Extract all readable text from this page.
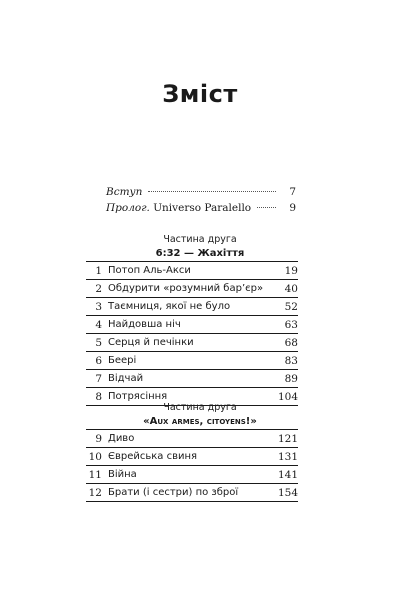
Зміст
Вступ	7
Пролог. Universo Paralello	9
Частина друга
6:32 — Жахіття
1 Потоп Аль-Акси	19
2 Обдурити «розумний бар’єр»	40
3 Таємниця, якої не було	52
4 Найдовша ніч	63
5 Серця й печінки	68
6 Беері	83
7 Відчай	89
8 Потрясіння	104
Частина друга
«Aux armes, citoyens!»
9 Диво	121
10 Єврейська свиня	131
11 Війна	141
12 Брати (і сестри) по зброї	154
